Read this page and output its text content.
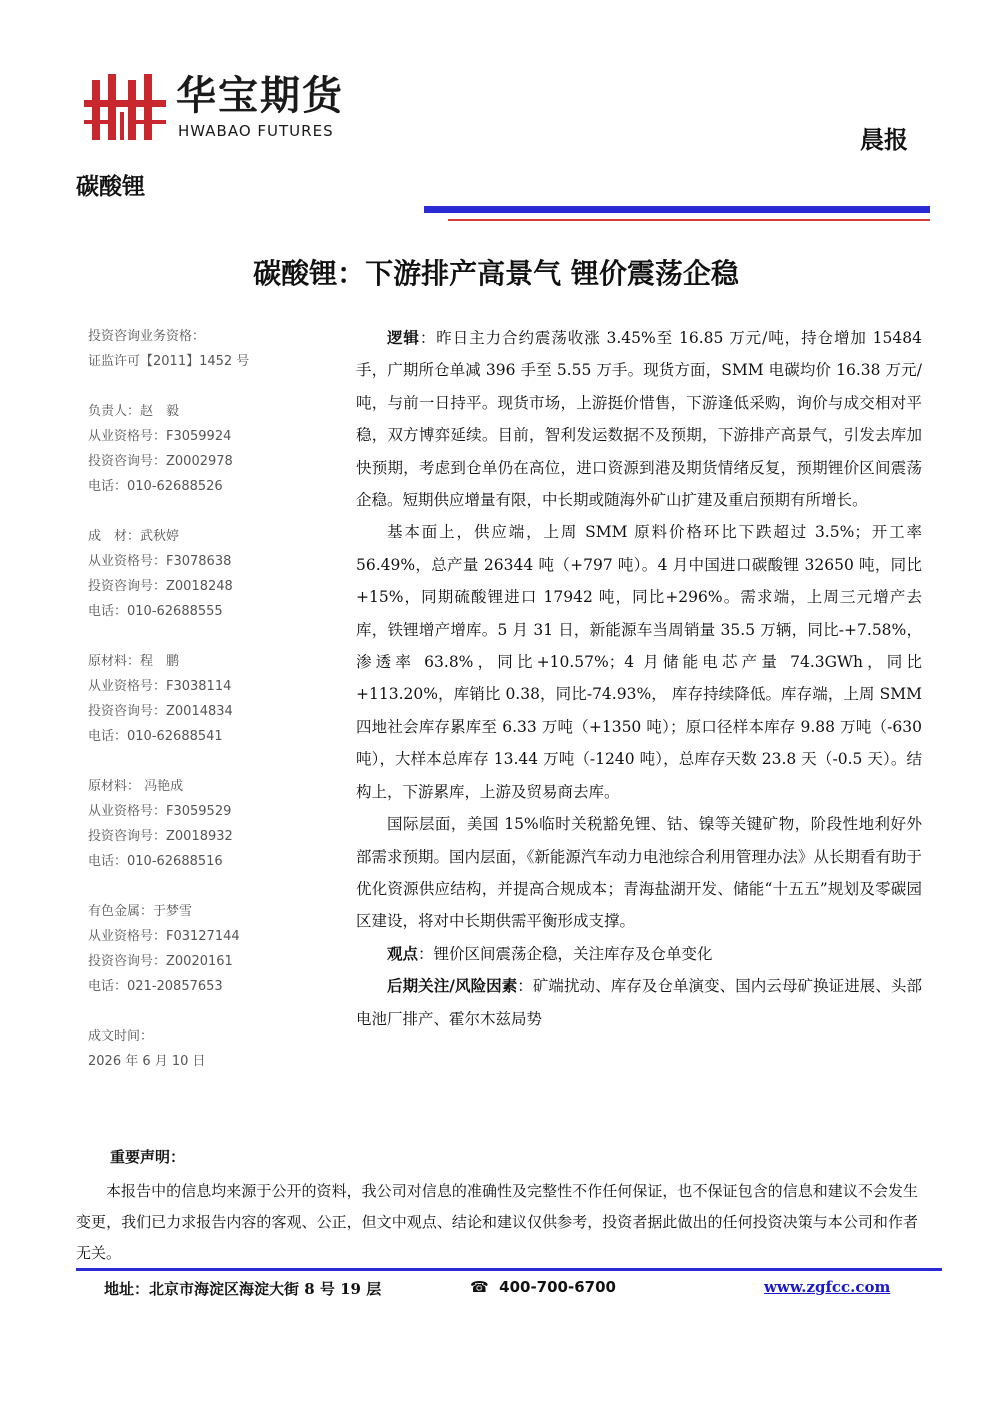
华宝期货
HWABAO FUTURES	晨报
碳酸锂
碳酸锂：下游排产高景气 锂价震荡企稳
投资咨询业务资格：
证监许可【2011】1452 号
负责人：赵　毅
从业资格号：F3059924
投资咨询号：Z0002978
电话：010-62688526
成　材：武秋婷
从业资格号：F3078638
投资咨询号：Z0018248
电话：010-62688555
原材料：程　鹏
从业资格号：F3038114
投资咨询号：Z0014834
电话：010-62688541
原材料： 冯艳成
从业资格号：F3059529
投资咨询号：Z0018932
电话：010-62688516
有色金属：于梦雪
从业资格号：F03127144
投资咨询号：Z0020161
电话：021-20857653
成文时间：
2026 年 6 月 10 日

逻辑：昨日主力合约震荡收涨 3.45%至 16.85 万元/吨，持仓增加 15484 手，广期所仓单减 396 手至 5.55 万手。现货方面，SMM 电碳均价 16.38 万元/吨，与前一日持平。现货市场，上游挺价惜售，下游逢低采购，询价与成交相对平稳，双方博弈延续。目前，智利发运数据不及预期，下游排产高景气，引发去库加快预期，考虑到仓单仍在高位，进口资源到港及期货情绪反复，预期锂价区间震荡企稳。短期供应增量有限，中长期或随海外矿山扩建及重启预期有所增长。

基本面上，供应端，上周 SMM 原料价格环比下跌超过 3.5%；开工率 56.49%，总产量 26344 吨（+797 吨）。4 月中国进口碳酸锂 32650 吨，同比+15%，同期硫酸锂进口 17942 吨，同比+296%。需求端，上周三元增产去库，铁锂增产增库。5 月 31 日，新能源车当周销量 35.5 万辆，同比-+7.58%，渗透率 63.8%，同比+10.57%；4 月储能电芯产量 74.3GWh，同比+113.20%，库销比 0.38，同比-74.93%， 库存持续降低。库存端，上周 SMM 四地社会库存累库至 6.33 万吨（+1350 吨）；原口径样本库存 9.88 万吨（-630 吨），大样本总库存 13.44 万吨（-1240 吨），总库存天数 23.8 天（-0.5 天）。结构上，下游累库，上游及贸易商去库。

国际层面，美国 15%临时关税豁免锂、钴、镍等关键矿物，阶段性地利好外部需求预期。国内层面，《新能源汽车动力电池综合利用管理办法》从长期看有助于优化资源供应结构，并提高合规成本；青海盐湖开发、储能“十五五”规划及零碳园区建设，将对中长期供需平衡形成支撑。

观点：锂价区间震荡企稳，关注库存及仓单变化

后期关注/风险因素：矿端扰动、库存及仓单演变、国内云母矿换证进展、头部电池厂排产、霍尔木兹局势

重要声明：

本报告中的信息均来源于公开的资料，我公司对信息的准确性及完整性不作任何保证，也不保证包含的信息和建议不会发生变更，我们已力求报告内容的客观、公正，但文中观点、结论和建议仅供参考，投资者据此做出的任何投资决策与本公司和作者无关。

地址：北京市海淀区海淀大街 8 号 19 层	☎ 400-700-6700	www.zgfcc.com
